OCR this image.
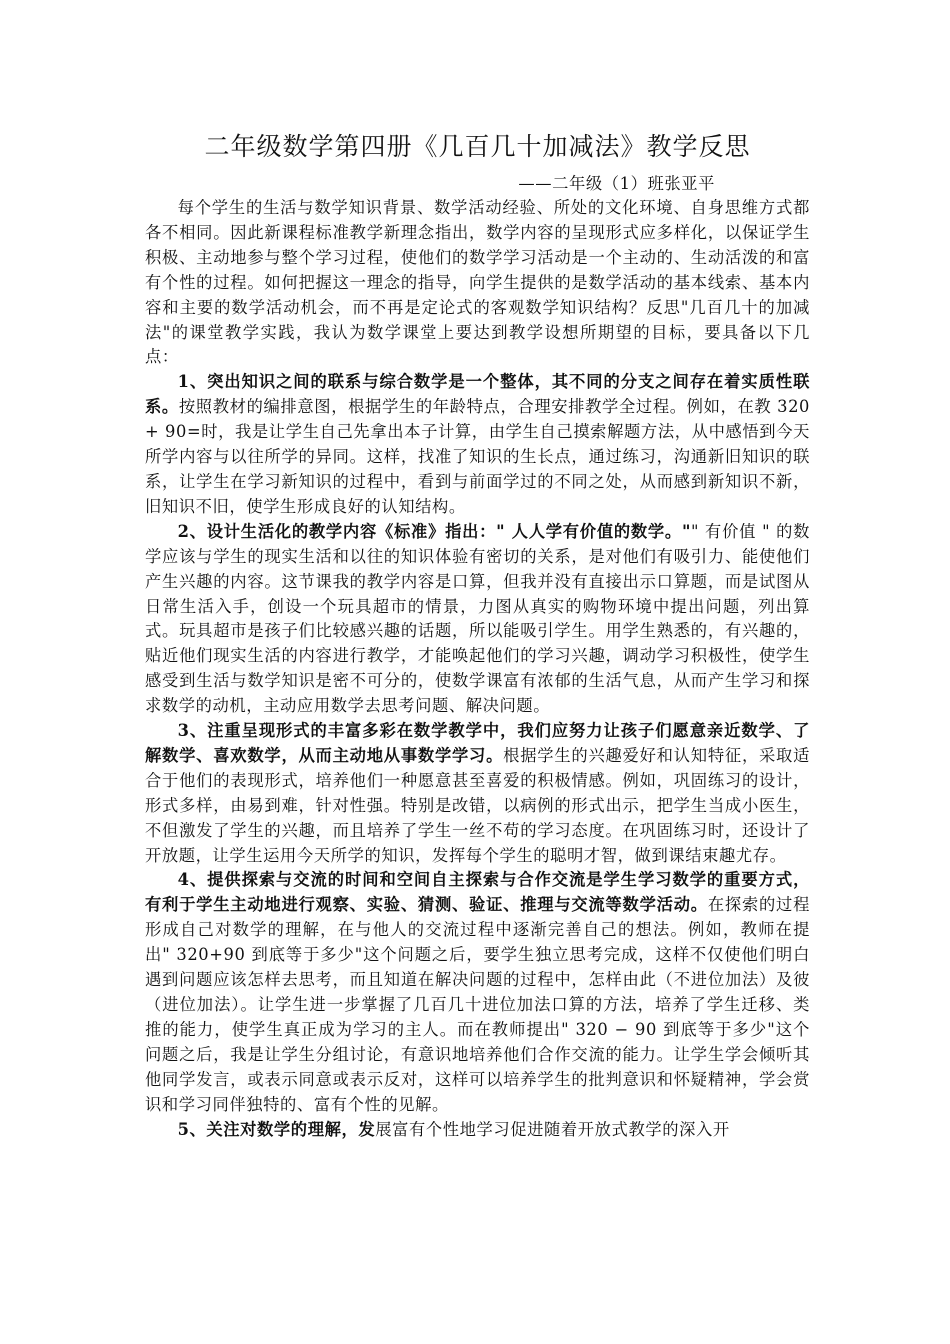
二年级数学第四册《几百几十加减法》教学反思
——二年级（1）班张亚平

每个学生的生活与数学知识背景、数学活动经验、所处的文化环境、自身思维方式都各不相同。因此新课程标准教学新理念指出，数学内容的呈现形式应多样化，以保证学生积极、主动地参与整个学习过程，使他们的数学学习活动是一个主动的、生动活泼的和富有个性的过程。如何把握这一理念的指导，向学生提供的是数学活动的基本线索、基本内容和主要的数学活动机会，而不再是定论式的客观数学知识结构？反思"几百几十的加减法"的课堂教学实践，我认为数学课堂上要达到教学设想所期望的目标，要具备以下几点：

1、突出知识之间的联系与综合数学是一个整体，其不同的分支之间存在着实质性联系。按照教材的编排意图，根据学生的年龄特点，合理安排教学全过程。例如，在教 320 + 90=时，我是让学生自己先拿出本子计算，由学生自己摸索解题方法，从中感悟到今天所学内容与以往所学的异同。这样，找准了知识的生长点，通过练习，沟通新旧知识的联系，让学生在学习新知识的过程中，看到与前面学过的不同之处，从而感到新知识不新，旧知识不旧，使学生形成良好的认知结构。

2、设计生活化的教学内容《标准》指出：" 人人学有价值的数学。"" 有价值 " 的数学应该与学生的现实生活和以往的知识体验有密切的关系，是对他们有吸引力、能使他们产生兴趣的内容。这节课我的教学内容是口算，但我并没有直接出示口算题，而是试图从日常生活入手，创设一个玩具超市的情景，力图从真实的购物环境中提出问题，列出算式。玩具超市是孩子们比较感兴趣的话题，所以能吸引学生。用学生熟悉的，有兴趣的，贴近他们现实生活的内容进行教学，才能唤起他们的学习兴趣，调动学习积极性，使学生感受到生活与数学知识是密不可分的，使数学课富有浓郁的生活气息，从而产生学习和探求数学的动机，主动应用数学去思考问题、解决问题。

3、注重呈现形式的丰富多彩在数学教学中，我们应努力让孩子们愿意亲近数学、了解数学、喜欢数学，从而主动地从事数学学习。根据学生的兴趣爱好和认知特征，采取适合于他们的表现形式，培养他们一种愿意甚至喜爱的积极情感。例如，巩固练习的设计，形式多样，由易到难，针对性强。特别是改错，以病例的形式出示，把学生当成小医生，不但激发了学生的兴趣，而且培养了学生一丝不苟的学习态度。在巩固练习时，还设计了开放题，让学生运用今天所学的知识，发挥每个学生的聪明才智，做到课结束趣尤存。

4、提供探索与交流的时间和空间自主探索与合作交流是学生学习数学的重要方式，有利于学生主动地进行观察、实验、猜测、验证、推理与交流等数学活动。在探索的过程形成自己对数学的理解，在与他人的交流过程中逐渐完善自己的想法。例如，教师在提出" 320+90 到底等于多少"这个问题之后，要学生独立思考完成，这样不仅使他们明白遇到问题应该怎样去思考，而且知道在解决问题的过程中，怎样由此（不进位加法）及彼（进位加法）。让学生进一步掌握了几百几十进位加法口算的方法，培养了学生迁移、类推的能力，使学生真正成为学习的主人。而在教师提出" 320 − 90 到底等于多少"这个问题之后，我是让学生分组讨论，有意识地培养他们合作交流的能力。让学生学会倾听其他同学发言，或表示同意或表示反对，这样可以培养学生的批判意识和怀疑精神，学会赏识和学习同伴独特的、富有个性的见解。

5、关注对数学的理解，发展富有个性地学习促进随着开放式教学的深入开
